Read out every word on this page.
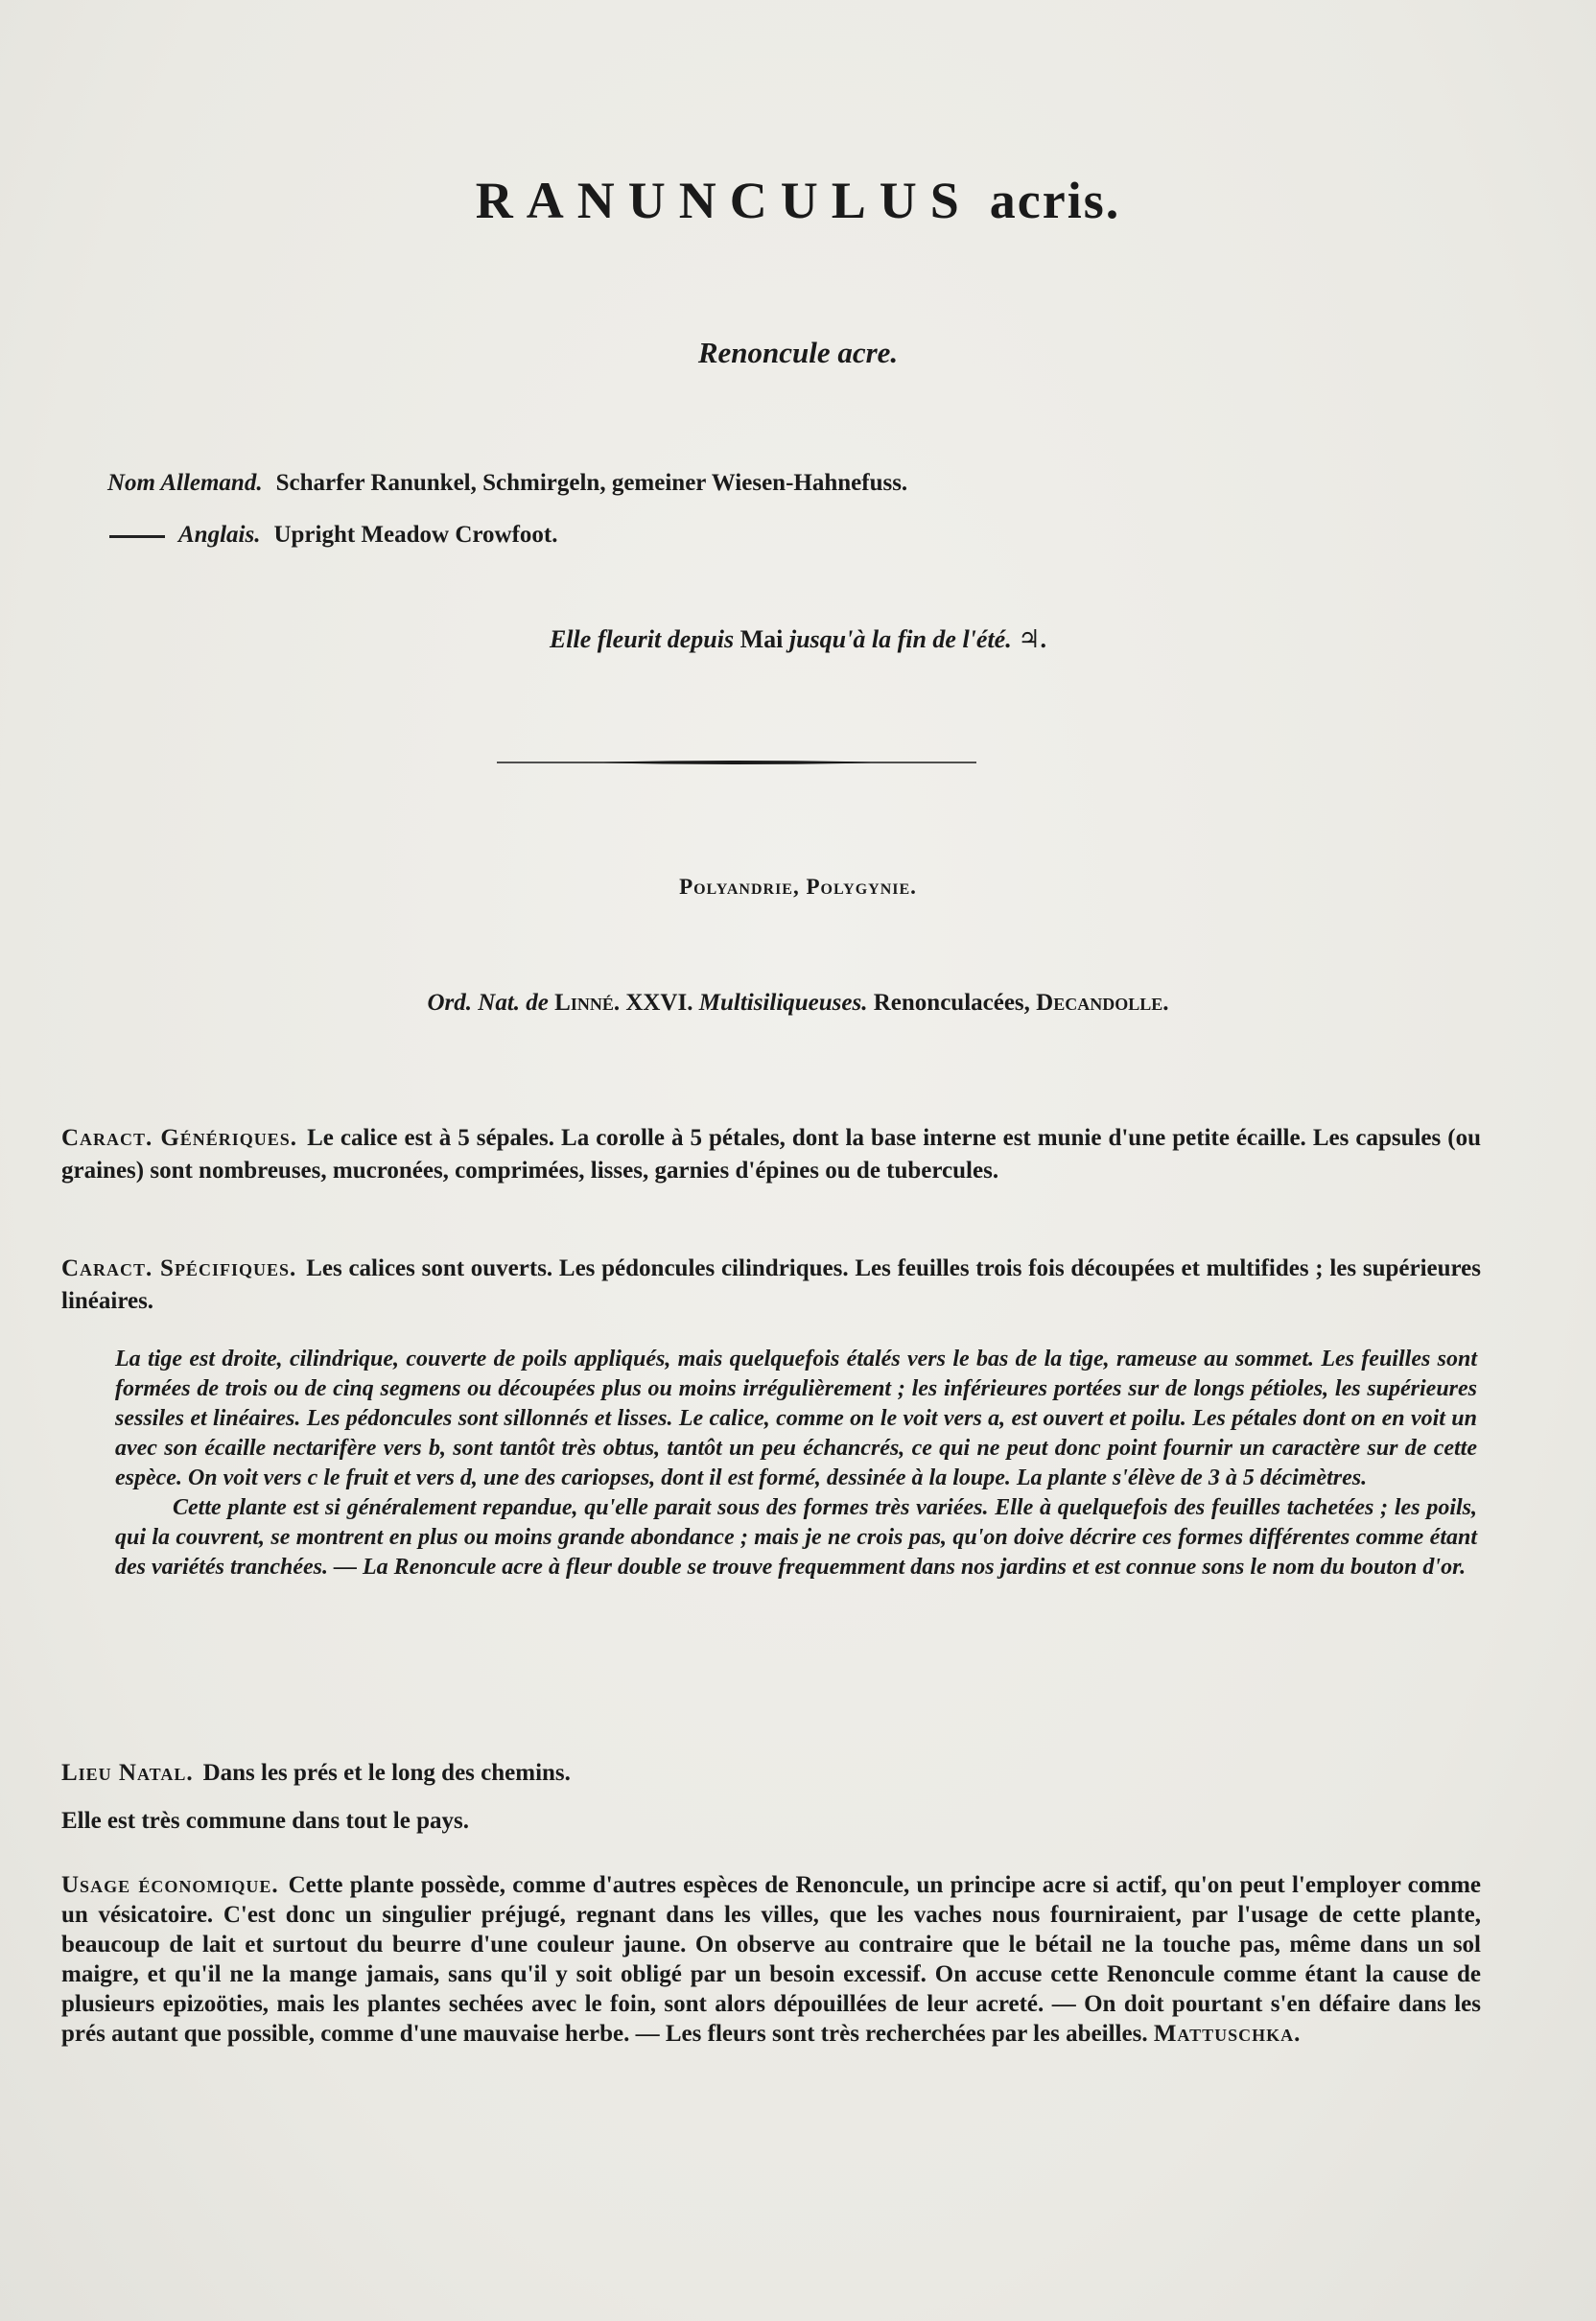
RANUNCULUS acris.
Renoncule acre.
Nom Allemand. Scharfer Ranunkel, Schmirgeln, gemeiner Wiesen-Hahnefuss.
Anglais. Upright Meadow Crowfoot.
Elle fleurit depuis Mai jusqu'à la fin de l'été. ♃.
Polyandrie, Polygynie.
Ord. Nat. de Linné. XXVI. Multisiliqueuses. Renonculacées, Decandolle.
Caract. Génériques. Le calice est à 5 sépales. La corolle à 5 pétales, dont la base interne est munie d'une petite écaille. Les capsules (ou graines) sont nombreuses, mucronées, comprimées, lisses, garnies d'épines ou de tubercules.
Caract. Spécifiques. Les calices sont ouverts. Les pédoncules cilindriques. Les feuilles trois fois découpées et multifides ; les supérieures linéaires.

La tige est droite, cilindrique, couverte de poils appliqués, mais quelquefois étalés vers le bas de la tige, rameuse au sommet. Les feuilles sont formées de trois ou de cinq segmens ou découpées plus ou moins irrégulièrement ; les inférieures portées sur de longs pétioles, les supérieures sessiles et linéaires. Les pédoncules sont sillonnés et lisses. Le calice, comme on le voit vers a, est ouvert et poilu. Les pétales dont on en voit un avec son écaille nectarifère vers b, sont tantôt très obtus, tantôt un peu échancrés, ce qui ne peut donc point fournir un caractère sur de cette espèce. On voit vers c le fruit et vers d, une des cariopses, dont il est formé, dessinée à la loupe. La plante s'élève de 3 à 5 décimètres.

Cette plante est si généralement repandue, qu'elle parait sous des formes très variées. Elle à quelquefois des feuilles tachetées ; les poils, qui la couvrent, se montrent en plus ou moins grande abondance ; mais je ne crois pas, qu'on doive décrire ces formes différentes comme étant des variétés tranchées. — La Renoncule acre à fleur double se trouve frequemment dans nos jardins et est connue sons le nom du bouton d'or.

Lieu Natal. Dans les prés et le long des chemins.
Elle est très commune dans tout le pays.
Usage économique. Cette plante possède, comme d'autres espèces de Renoncule, un principe acre si actif, qu'on peut l'employer comme un vésicatoire. C'est donc un singulier préjugé, regnant dans les villes, que les vaches nous fourniraient, par l'usage de cette plante, beaucoup de lait et surtout du beurre d'une couleur jaune. On observe au contraire que le bétail ne la touche pas, même dans un sol maigre, et qu'il ne la mange jamais, sans qu'il y soit obligé par un besoin excessif. On accuse cette Renoncule comme étant la cause de plusieurs epizoöties, mais les plantes sechées avec le foin, sont alors dépouillées de leur acreté. — On doit pourtant s'en défaire dans les prés autant que possible, comme d'une mauvaise herbe. — Les fleurs sont très recherchées par les abeilles. Mattuschka.
